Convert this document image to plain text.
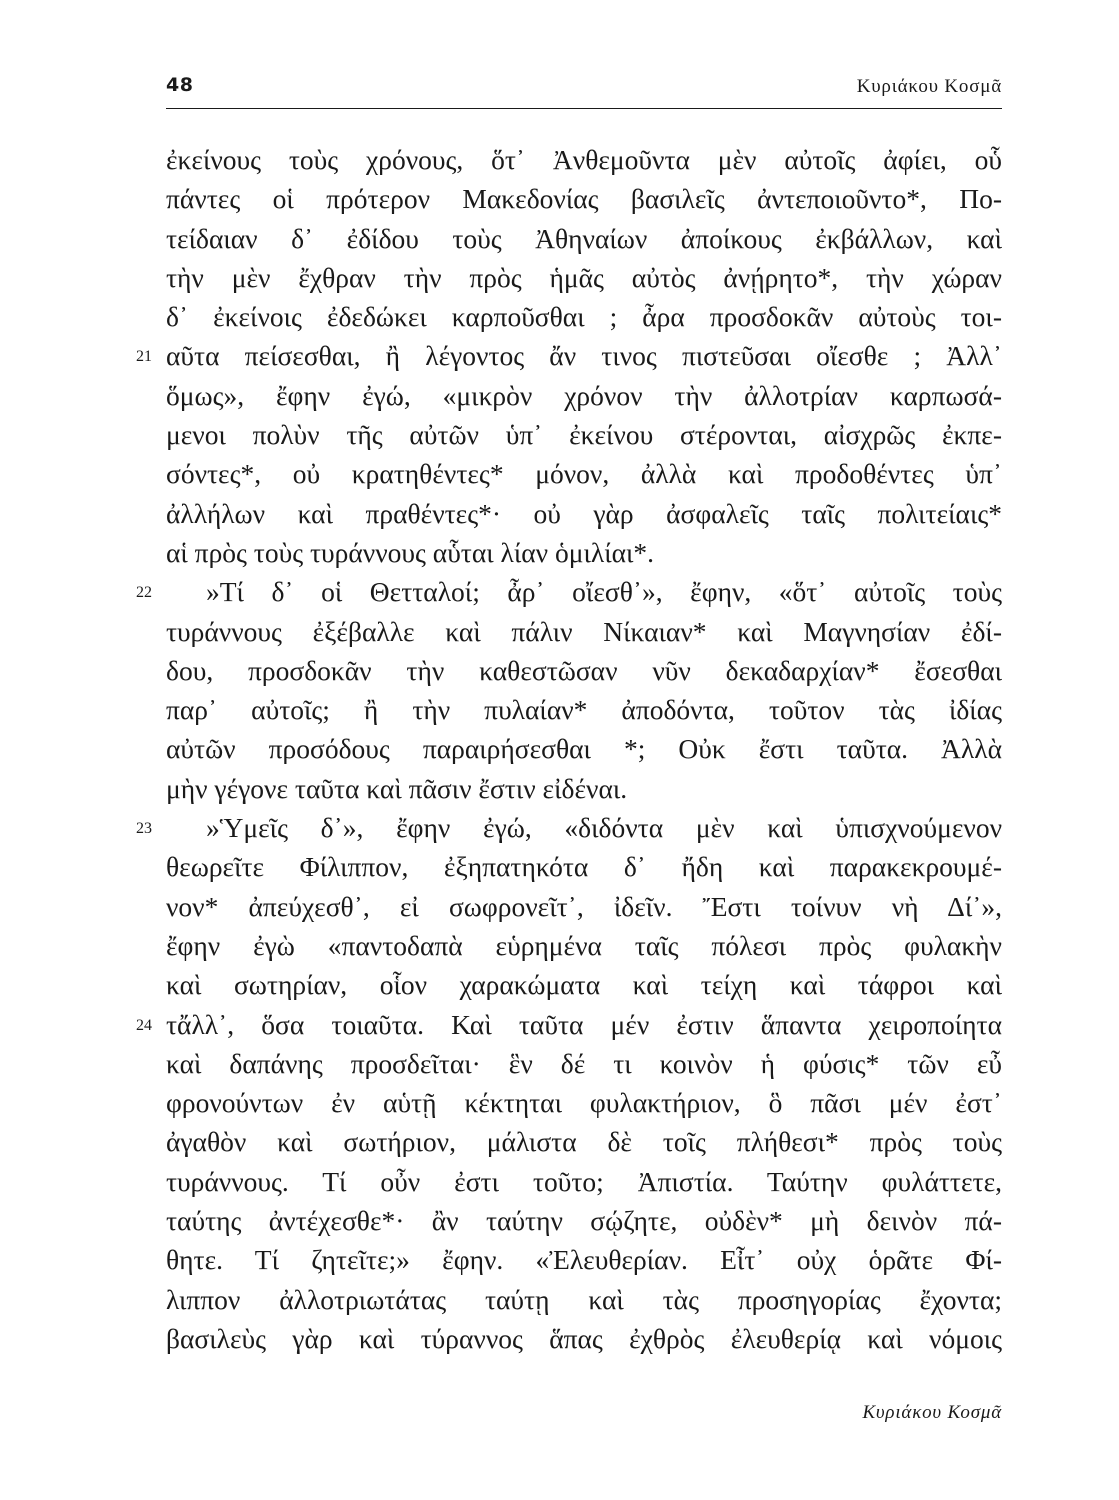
48	Κυριάκου Κοσμᾶ
ἐκείνους τοὺς χρόνους, ὅτ᾽ Ἀνθεμοῦντα μὲν αὐτοῖς ἀφίει, οὗ
πάντες οἱ πρότερον Μακεδονίας βασιλεῖς ἀντεποιοῦντο*, Πο-
τείδαιαν δ᾽ ἐδίδου τοὺς Ἀθηναίων ἀποίκους ἐκβάλλων, καὶ
τὴν μὲν ἔχθραν τὴν πρὸς ἡμᾶς αὐτὸς ἀνῄρητο*, τὴν χώραν
δ᾽ ἐκείνοις ἐδεδώκει καρποῦσθαι ; ἆρα προσδοκᾶν αὐτοὺς τοι-
21 αῦτα πείσεσθαι, ἢ λέγοντος ἄν τινος πιστεῦσαι οἴεσθε ; Ἀλλ᾽
ὅμως», ἔφην ἐγώ, «μικρὸν χρόνον τὴν ἀλλοτρίαν καρπωσά-
μενοι πολὺν τῆς αὐτῶν ὑπ᾽ ἐκείνου στέρονται, αἰσχρῶς ἐκπε-
σόντες*, οὐ κρατηθέντες* μόνον, ἀλλὰ καὶ προδοθέντες ὑπ᾽
ἀλλήλων καὶ πραθέντες*· οὐ γὰρ ἀσφαλεῖς ταῖς πολιτείαις*
αἱ πρὸς τοὺς τυράννους αὗται λίαν ὁμιλίαι*.
22	»Τί δ᾽ οἱ Θετταλοί; ἆρ᾽ οἴεσθ᾽», ἔφην, «ὅτ᾽ αὐτοῖς τοὺς
τυράννους ἐξέβαλλε καὶ πάλιν Νίκαιαν* καὶ Μαγνησίαν ἐδί-
δου, προσδοκᾶν τὴν καθεστῶσαν νῦν δεκαδαρχίαν* ἔσεσθαι
παρ᾽ αὐτοῖς; ἢ τὴν πυλαίαν* ἀποδόντα, τοῦτον τὰς ἰδίας
αὐτῶν προσόδους παραιρήσεσθαι *; Οὐκ ἔστι ταῦτα. Ἀλλὰ
μὴν γέγονε ταῦτα καὶ πᾶσιν ἔστιν εἰδέναι.
23	»Ὑμεῖς δ᾽», ἔφην ἐγώ, «διδόντα μὲν καὶ ὑπισχνούμενον
θεωρεῖτε Φίλιππον, ἐξηπατηκότα δ᾽ ἤδη καὶ παρακεκρουμέ-
νον* ἀπεύχεσθ᾽, εἰ σωφρονεῖτ᾽, ἰδεῖν. Ἔστι τοίνυν νὴ Δί᾽»,
ἔφην ἐγὼ «παντοδαπὰ εὑρημένα ταῖς πόλεσι πρὸς φυλακὴν
καὶ σωτηρίαν, οἷον χαρακώματα καὶ τείχη καὶ τάφροι καὶ
24 τἄλλ᾽, ὅσα τοιαῦτα. Καὶ ταῦτα μέν ἐστιν ἅπαντα χειροποίητα
καὶ δαπάνης προσδεῖται· ἓν δέ τι κοινὸν ἡ φύσις* τῶν εὖ
φρονούντων ἐν αὑτῇ κέκτηται φυλακτήριον, ὃ πᾶσι μέν ἐστ᾽
ἀγαθὸν καὶ σωτήριον, μάλιστα δὲ τοῖς πλήθεσι* πρὸς τοὺς
τυράννους. Τί οὖν ἐστι τοῦτο; Ἀπιστία. Ταύτην φυλάττετε,
ταύτης ἀντέχεσθε*· ἂν ταύτην σῴζητε, οὐδὲν* μὴ δεινὸν πά-
θητε. Τί ζητεῖτε;» ἔφην. «Ἐλευθερίαν. Εἶτ᾽ οὐχ ὁρᾶτε Φί-
λιππον ἀλλοτριωτάτας ταύτῃ καὶ τὰς προσηγορίας ἔχοντα;
βασιλεὺς γὰρ καὶ τύραννος ἅπας ἐχθρὸς ἐλευθερίᾳ καὶ νόμοις
Κυριάκου Κοσμᾶ
